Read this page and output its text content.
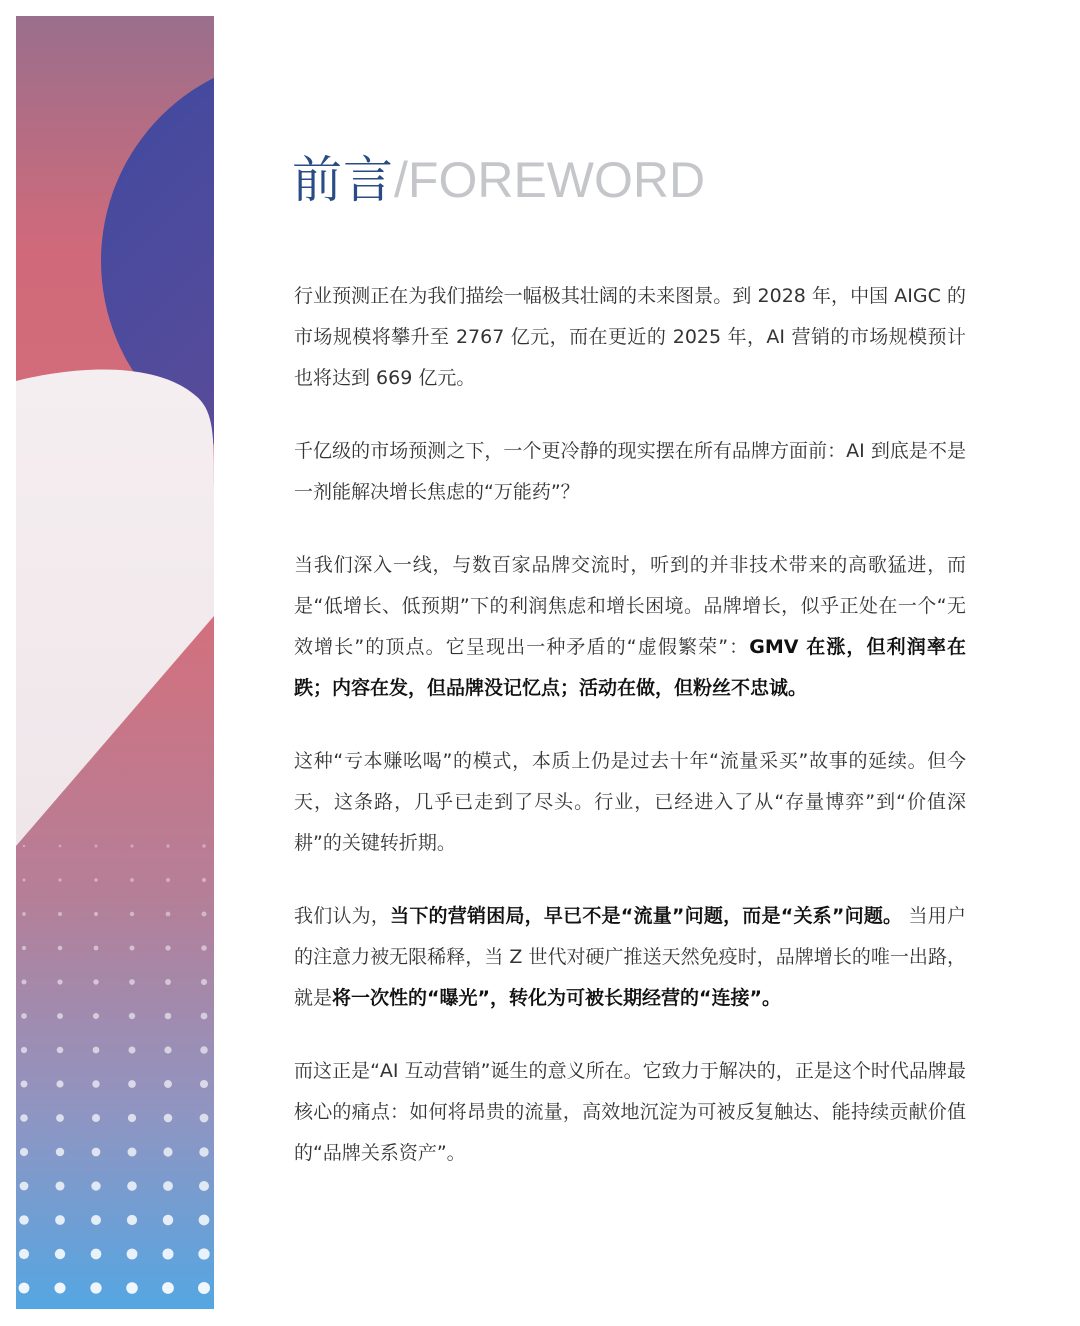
前言/FOREWORD

行业预测正在为我们描绘一幅极其壮阔的未来图景。到 2028 年，中国 AIGC 的市场规模将攀升至 2767 亿元，而在更近的 2025 年，AI 营销的市场规模预计也将达到 669 亿元。

千亿级的市场预测之下，一个更冷静的现实摆在所有品牌方面前：AI 到底是不是一剂能解决增长焦虑的“万能药”？

当我们深入一线，与数百家品牌交流时，听到的并非技术带来的高歌猛进，而是“低增长、低预期”下的利润焦虑和增长困境。品牌增长，似乎正处在一个“无效增长”的顶点。它呈现出一种矛盾的“虚假繁荣”：GMV 在涨，但利润率在跌；内容在发，但品牌没记忆点；活动在做，但粉丝不忠诚。

这种“亏本赚吆喝”的模式，本质上仍是过去十年“流量采买”故事的延续。但今天，这条路，几乎已走到了尽头。行业，已经进入了从“存量博弈”到“价值深耕”的关键转折期。

我们认为，当下的营销困局，早已不是“流量”问题，而是“关系”问题。 当用户的注意力被无限稀释，当 Z 世代对硬广推送天然免疫时，品牌增长的唯一出路，就是将一次性的“曝光”，转化为可被长期经营的“连接”。

而这正是“AI 互动营销”诞生的意义所在。它致力于解决的，正是这个时代品牌最核心的痛点：如何将昂贵的流量，高效地沉淀为可被反复触达、能持续贡献价值的“品牌关系资产”。
